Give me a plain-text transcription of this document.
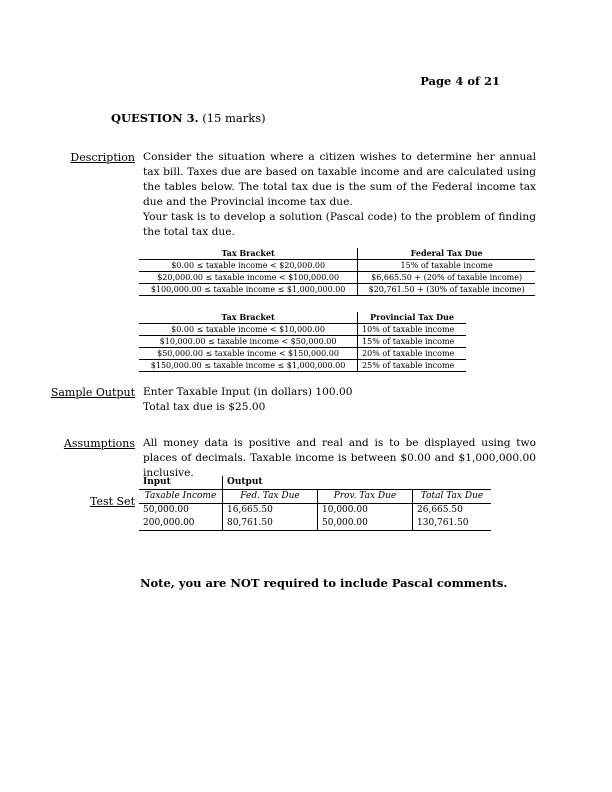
Page 4 of 21
QUESTION 3. (15 marks)
Description Consider the situation where a citizen wishes to determine her annual tax bill. Taxes due are based on taxable income and are calculated using the tables below. The total tax due is the sum of the Federal income tax due and the Provincial income tax due.
Your task is to develop a solution (Pascal code) to the problem of finding the total tax due.
Tax Bracket	Federal Tax Due
$0.00 ≤ taxable income < $20,000.00	15% of taxable income
$20,000.00 ≤ taxable income < $100,000.00	$6,665.50 + (20% of taxable income)
$100,000.00 ≤ taxable income ≤ $1,000,000.00	$20,761.50 + (30% of taxable income)
Tax Bracket	Provincial Tax Due
$0.00 ≤ taxable income < $10,000.00	10% of taxable income
$10,000.00 ≤ taxable income < $50,000.00	15% of taxable income
$50,000.00 ≤ taxable income < $150,000.00	20% of taxable income
$150,000.00 ≤ taxable income ≤ $1,000,000.00	25% of taxable income
Sample Output Enter Taxable Input (in dollars) 100.00
Total tax due is $25.00
Assumptions All money data is positive and real and is to be displayed using two places of decimals. Taxable income is between $0.00 and $1,000,000.00 inclusive.
Test Set
Input	Output		
Taxable Income	Fed. Tax Due	Prov. Tax Due	Total Tax Due
50,000.00	16,665.50	10,000.00	26,665.50
200,000.00	80,761.50	50,000.00	130,761.50
Note, you are NOT required to include Pascal comments.
